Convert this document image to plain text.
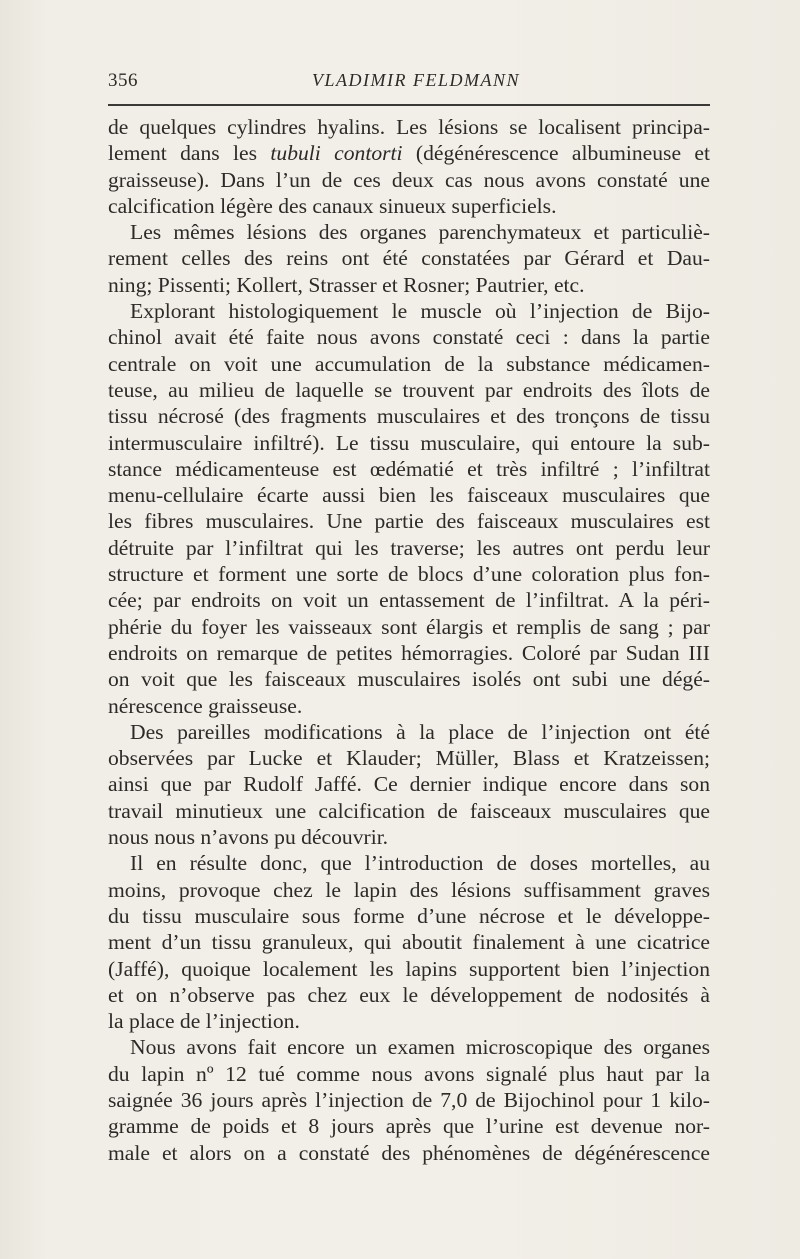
356	VLADIMIR FELDMANN
de quelques cylindres hyalins. Les lésions se localisent principa-
lement dans les tubuli contorti (dégénérescence albumineuse et
graisseuse). Dans l’un de ces deux cas nous avons constaté une
calcification légère des canaux sinueux superficiels.
Les mêmes lésions des organes parenchymateux et particuliè-
rement celles des reins ont été constatées par Gérard et Dau-
ning; Pissenti; Kollert, Strasser et Rosner; Pautrier, etc.
Explorant histologiquement le muscle où l’injection de Bijo-
chinol avait été faite nous avons constaté ceci : dans la partie
centrale on voit une accumulation de la substance médicamen-
teuse, au milieu de laquelle se trouvent par endroits des îlots de
tissu nécrosé (des fragments musculaires et des tronçons de tissu
intermusculaire infiltré). Le tissu musculaire, qui entoure la sub-
stance médicamenteuse est œdématié et très infiltré ; l’infiltrat
menu-cellulaire écarte aussi bien les faisceaux musculaires que
les fibres musculaires. Une partie des faisceaux musculaires est
détruite par l’infiltrat qui les traverse; les autres ont perdu leur
structure et forment une sorte de blocs d’une coloration plus fon-
cée; par endroits on voit un entassement de l’infiltrat. A la péri-
phérie du foyer les vaisseaux sont élargis et remplis de sang ; par
endroits on remarque de petites hémorragies. Coloré par Sudan III
on voit que les faisceaux musculaires isolés ont subi une dégé-
nérescence graisseuse.
Des pareilles modifications à la place de l’injection ont été
observées par Lucke et Klauder; Müller, Blass et Kratzeissen;
ainsi que par Rudolf Jaffé. Ce dernier indique encore dans son
travail minutieux une calcification de faisceaux musculaires que
nous nous n’avons pu découvrir.
Il en résulte donc, que l’introduction de doses mortelles, au
moins, provoque chez le lapin des lésions suffisamment graves
du tissu musculaire sous forme d’une nécrose et le développe-
ment d’un tissu granuleux, qui aboutit finalement à une cicatrice
(Jaffé), quoique localement les lapins supportent bien l’injection
et on n’observe pas chez eux le développement de nodosités à
la place de l’injection.
Nous avons fait encore un examen microscopique des organes
du lapin nº 12 tué comme nous avons signalé plus haut par la
saignée 36 jours après l’injection de 7,0 de Bijochinol pour 1 kilo-
gramme de poids et 8 jours après que l’urine est devenue nor-
male et alors on a constaté des phénomènes de dégénérescence
